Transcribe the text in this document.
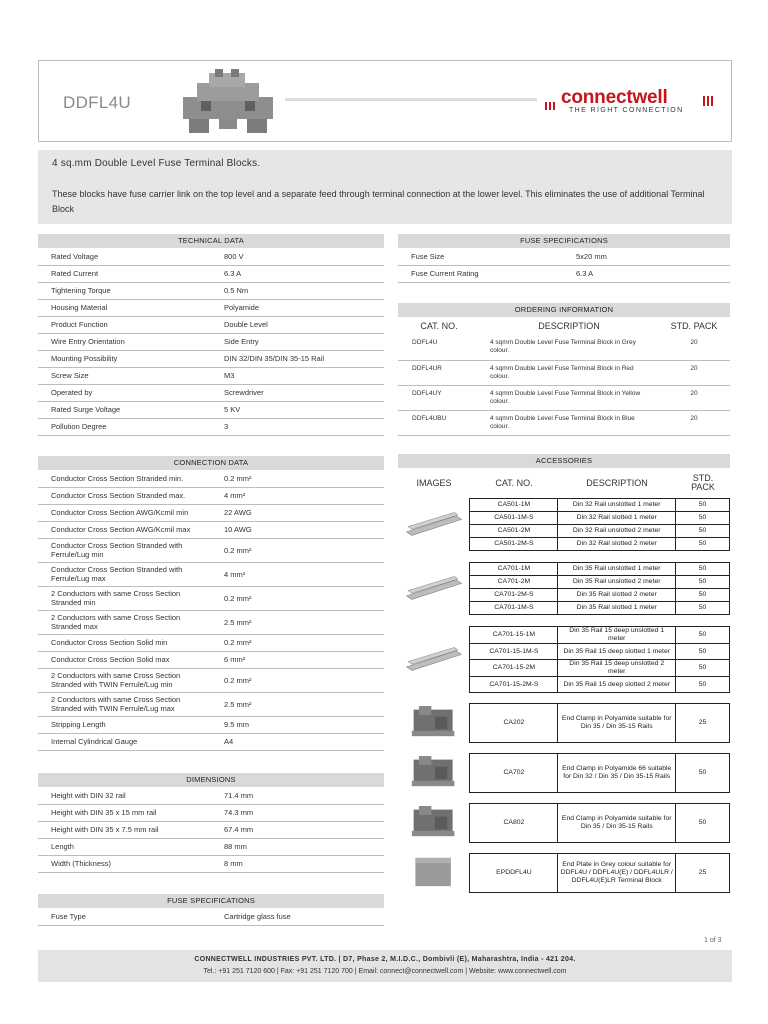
DDFL4U	connectwell
THE RIGHT CONNECTION
4 sq.mm Double Level Fuse Terminal Blocks.
These blocks have fuse carrier link on the top level and a separate feed through terminal connection at the lower level. This eliminates the use of additional Terminal Block
TECHNICAL DATA
Rated Voltage	800 V
Rated Current	6.3 A
Tightening Torque	0.5 Nm
Housing Material	Polyamide
Product Function	Double Level
Wire Entry Orientation	Side Entry
Mounting Possibility	DIN 32/DIN 35/DIN 35-15 Rail
Screw Size	M3
Operated by	Screwdriver
Rated Surge Voltage	5 KV
Pollution Degree	3
CONNECTION DATA
Conductor Cross Section Stranded min.	0.2 mm²
Conductor Cross Section Stranded max.	4 mm²
Conductor Cross Section AWG/Kcmil min	22 AWG
Conductor Cross Section AWG/Kcmil max	10 AWG
Conductor Cross Section Stranded with Ferrule/Lug min	0.2 mm²
Conductor Cross Section Stranded with Ferrule/Lug max	4 mm²
2 Conductors with same Cross Section Stranded min	0.2 mm²
2 Conductors with same Cross Section Stranded max	2.5 mm²
Conductor Cross Section Solid min	0.2 mm²
Conductor Cross Section Solid max	6 mm²
2 Conductors with same Cross Section Stranded with TWIN Ferrule/Lug min	0.2 mm²
2 Conductors with same Cross Section Stranded with TWIN Ferrule/Lug max	2.5 mm²
Stripping Length	9.5 mm
Internal Cylindrical Gauge	A4
DIMENSIONS
Height with DIN 32 rail	71.4 mm
Height with DIN 35 x 15 mm rail	74.3 mm
Height with DIN 35 x 7.5 mm rail	67.4 mm
Length	88 mm
Width (Thickness)	8 mm
FUSE SPECIFICATIONS
Fuse Type	Cartridge glass fuse
FUSE SPECIFICATIONS
Fuse Size	5x20 mm
Fuse Current Rating	6.3 A
ORDERING INFORMATION
CAT. NO.	DESCRIPTION	STD. PACK
DDFL4U	4 sqmm Double Level Fuse Terminal Block in Grey colour.	20
DDFL4UR	4 sqmm Double Level Fuse Terminal Block in Red colour.	20
DDFL4UY	4 sqmm Double Level Fuse Terminal Block in Yellow colour.	20
DDFL4UBU	4 sqmm Double Level Fuse Terminal Block in Blue colour.	20
ACCESSORIES
IMAGES	CAT. NO.	DESCRIPTION	STD.
PACK
	CA501-1M	Din 32 Rail unslotted 1 meter	50
	CA501-1M-S	Din 32 Rail slotted 1 meter	50
	CA501-2M	Din 32 Rail unslotted 2 meter	50
	CA501-2M-S	Din 32 Rail slotted 2 meter	50
	CA701-1M	Din 35 Rail unslotted 1 meter	50
	CA701-2M	Din 35 Rail unslotted 2 meter	50
	CA701-2M-S	Din 35 Rail slotted 2 meter	50
	CA701-1M-S	Din 35 Rail slotted 1 meter	50
	CA701-15-1M	Din 35 Rail 15 deep unslotted 1 meter	50
	CA701-15-1M-S	Din 35 Rail 15 deep slotted 1 meter	50
	CA701-15-2M	Din 35 Rail 15 deep unslotted 2 meter	50
	CA701-15-2M-S	Din 35 Rail 15 deep slotted 2 meter	50
	CA202	End Clamp in Polyamide suitable for Din 35 / Din 35-15 Rails	25
	CA702	End Clamp in Polyamide 66 suitable for Din 32 / Din 35 / Din 35-15 Rails	50
	CA802	End Clamp in Polyamide suitable for Din 35 / Din 35-15 Rails	50
	EPDDFL4U	End Plate in Grey colour suitable for DDFL4U / DDFL4U(E) / DDFL4ULR / DDFL4U(E)LR Terminal Block	25
1 of 3
CONNECTWELL INDUSTRIES PVT. LTD. | D7, Phase 2, M.I.D.C., Dombivli (E), Maharashtra, India - 421 204.
Tel.: +91 251 7120 600 | Fax: +91 251 7120 700 | Email: connect@connectwell.com | Website: www.connectwell.com
